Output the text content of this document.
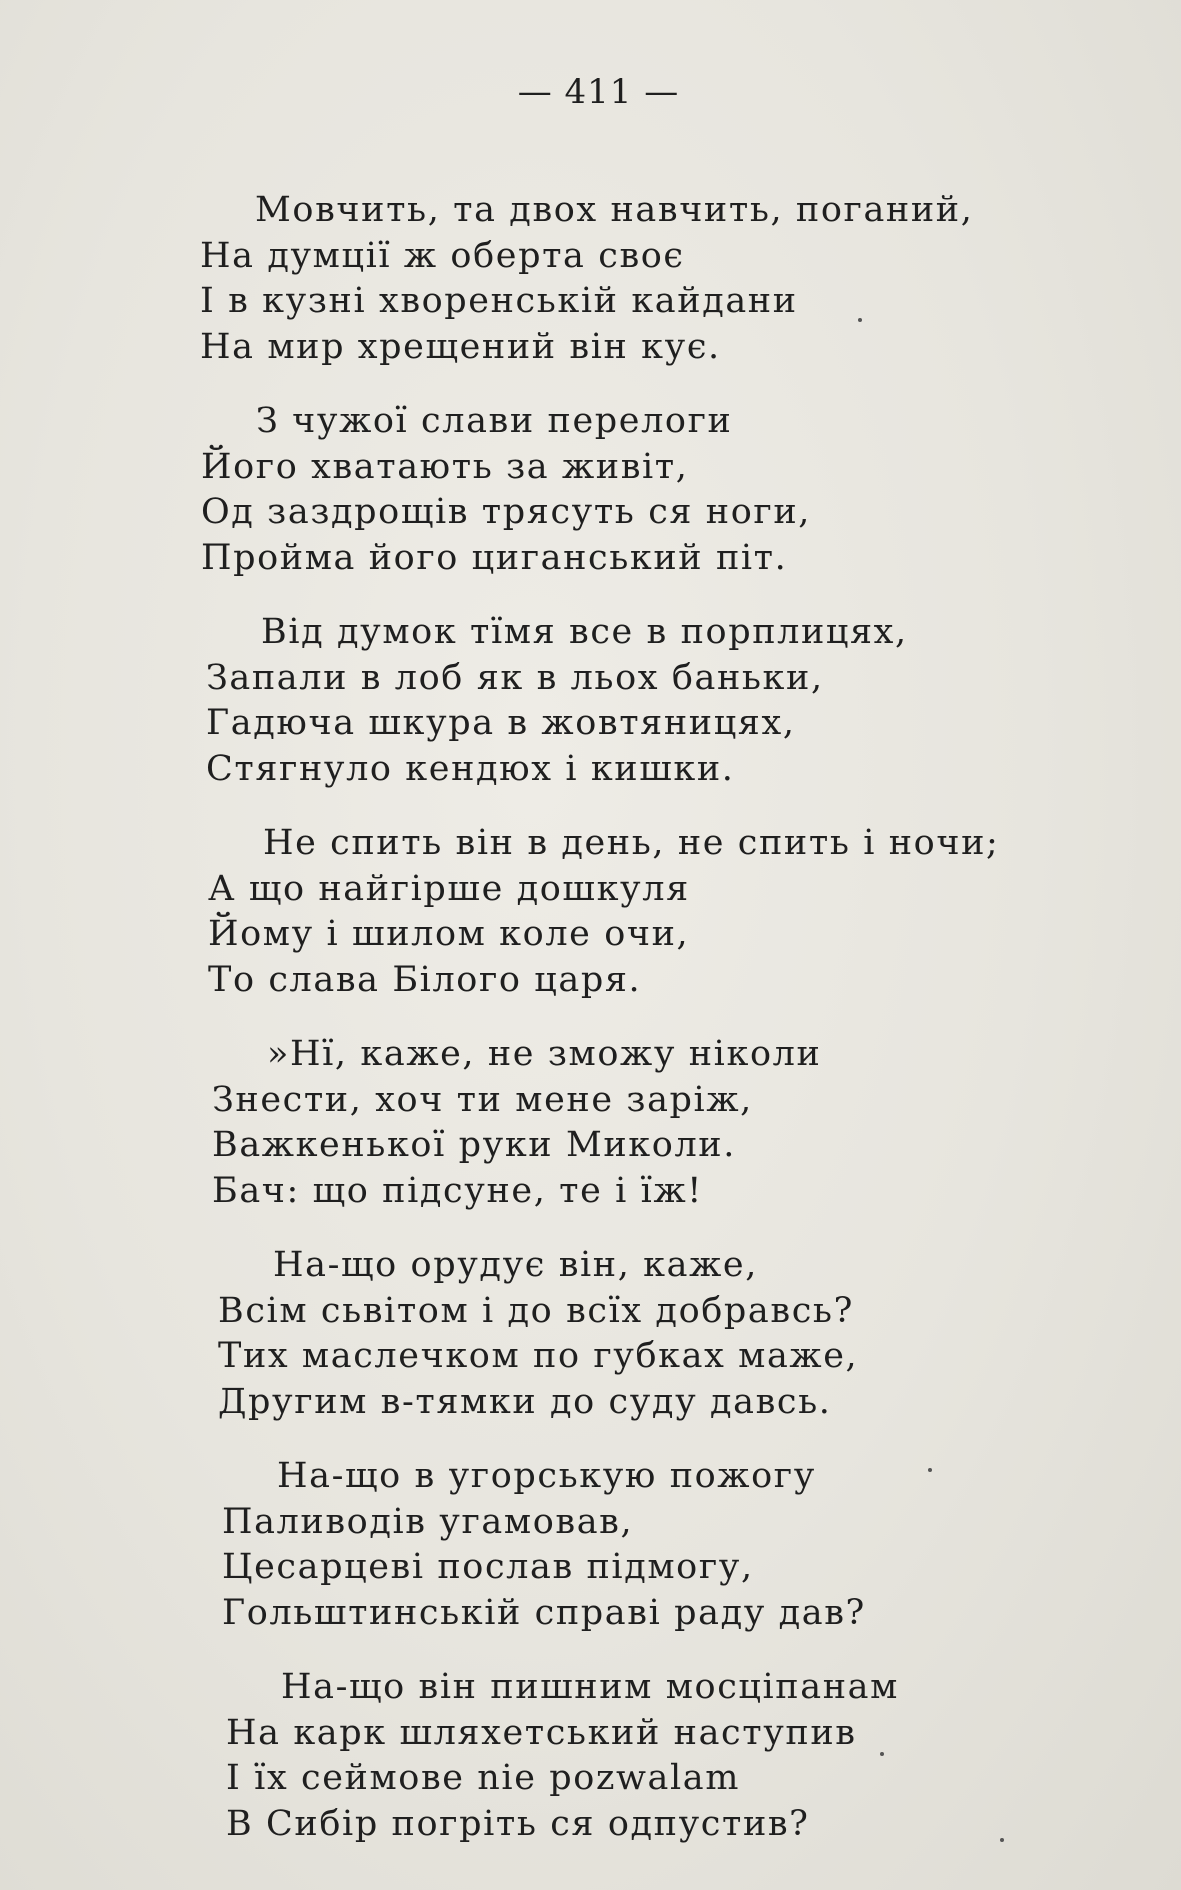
— 411 —
Мовчить, та двох навчить, поганий,
На думції ж оберта своє
І в кузні хворенській кайдани
На мир хрещений він кує.
З чужої слави перелоги
Його хватають за живіт,
Од заздрощів трясуть ся ноги,
Пройма його циганський піт.
Від думок тїмя все в порплицях,
Запали в лоб як в льох баньки,
Гадюча шкура в жовтяницях,
Стягнуло кендюх і кишки.
Не спить він в день, не спить і ночи;
А що найгірше дошкуля
Йому і шилом коле очи,
То слава Білого царя.
»Нї, каже, не зможу ніколи
Знести, хоч ти мене заріж,
Важкенької руки Миколи.
Бач: що підсуне, те і їж!
На-що орудує він, каже,
Всім сьвітом і до всїх добравсь?
Тих маслечком по губках маже,
Другим в-тямки до суду давсь.
На-що в угорськую пожогу
Паливодів угамовав,
Цесарцеві послав підмогу,
Гольштинській справі раду дав?
На-що він пишним мосціпанам
На карк шляхетський наступив
І їх сеймове nie pozwalam
В Сибір погріть ся одпустив?
